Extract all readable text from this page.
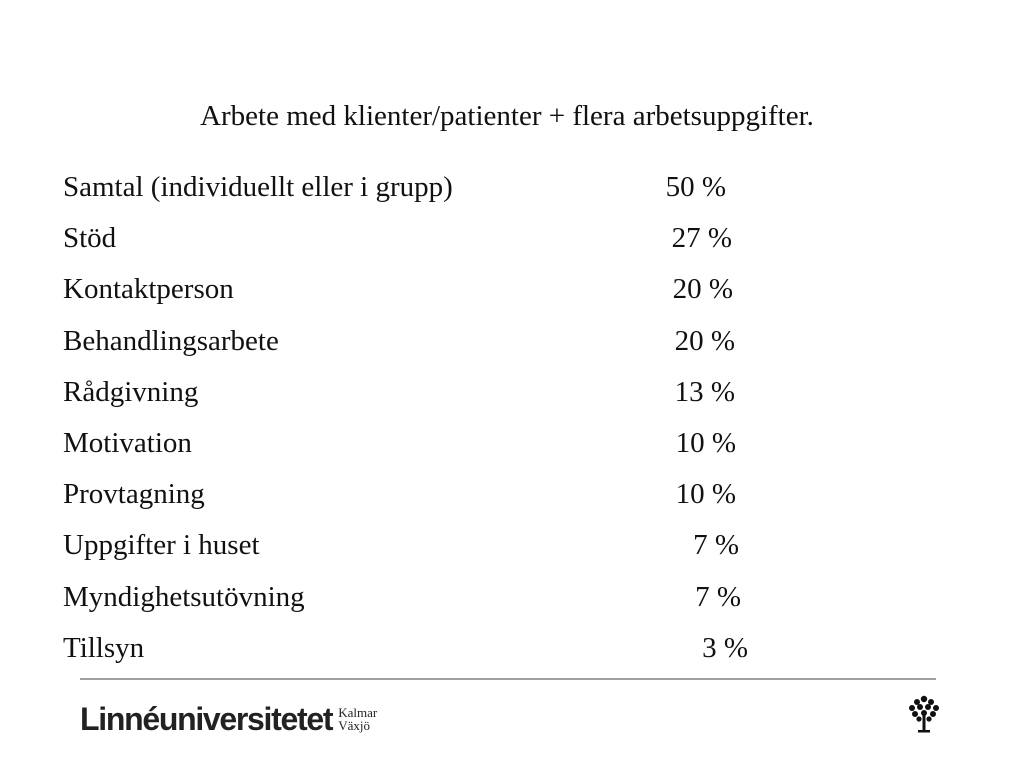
Arbete med klienter/patienter + flera arbetsuppgifter.
Samtal (individuellt eller i grupp)	50 %
Stöd	27 %
Kontaktperson	20 %
Behandlingsarbete	20 %
Rådgivning	13 %
Motivation	10 %
Provtagning	10 %
Uppgifter i huset	7 %
Myndighetsutövning	7 %
Tillsyn	3 %
Linnéuniversitetet Kalmar
Växjö
